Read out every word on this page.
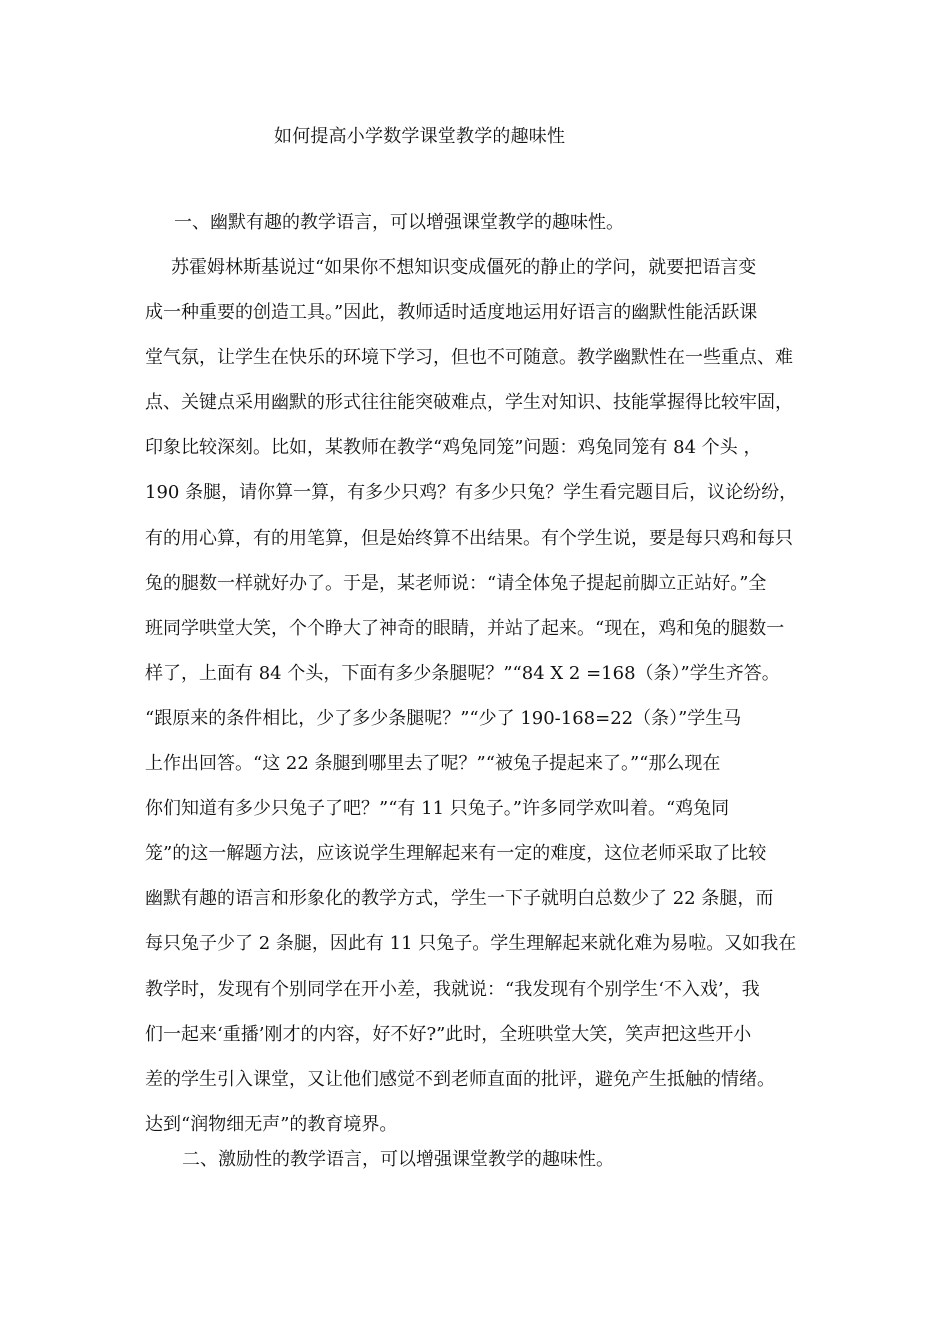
如何提高小学数学课堂教学的趣味性
一、幽默有趣的教学语言，可以增强课堂教学的趣味性。
苏霍姆林斯基说过“如果你不想知识变成僵死的静止的学问，就要把语言变
成一种重要的创造工具。”因此，教师适时适度地运用好语言的幽默性能活跃课
堂气氛，让学生在快乐的环境下学习，但也不可随意。教学幽默性在一些重点、难
点、关键点采用幽默的形式往往能突破难点，学生对知识、技能掌握得比较牢固，
印象比较深刻。比如，某教师在教学“鸡兔同笼”问题：鸡兔同笼有 84 个头 ，
190 条腿，请你算一算，有多少只鸡？有多少只兔？学生看完题目后，议论纷纷，
有的用心算，有的用笔算，但是始终算不出结果。有个学生说，要是每只鸡和每只
兔的腿数一样就好办了。于是，某老师说：“请全体兔子提起前脚立正站好。”全
班同学哄堂大笑，个个睁大了神奇的眼睛，并站了起来。“现在，鸡和兔的腿数一
样了，上面有 84 个头，下面有多少条腿呢？”“84 X 2 =168（条）”学生齐答。
“跟原来的条件相比，少了多少条腿呢？”“少了 190-168=22（条）”学生马
上作出回答。“这 22 条腿到哪里去了呢？”“被兔子提起来了。”“那么现在
你们知道有多少只兔子了吧？”“有 11 只兔子。”许多同学欢叫着。“鸡兔同
笼”的这一解题方法，应该说学生理解起来有一定的难度，这位老师采取了比较
幽默有趣的语言和形象化的教学方式，学生一下子就明白总数少了 22 条腿，而
每只兔子少了 2 条腿，因此有 11 只兔子。学生理解起来就化难为易啦。又如我在
教学时，发现有个别同学在开小差，我就说：“我发现有个别学生‘不入戏’，我
们一起来‘重播’刚才的内容，好不好?”此时，全班哄堂大笑，笑声把这些开小
差的学生引入课堂，又让他们感觉不到老师直面的批评，避免产生抵触的情绪。
达到“润物细无声”的教育境界。
二、激励性的教学语言，可以增强课堂教学的趣味性。
